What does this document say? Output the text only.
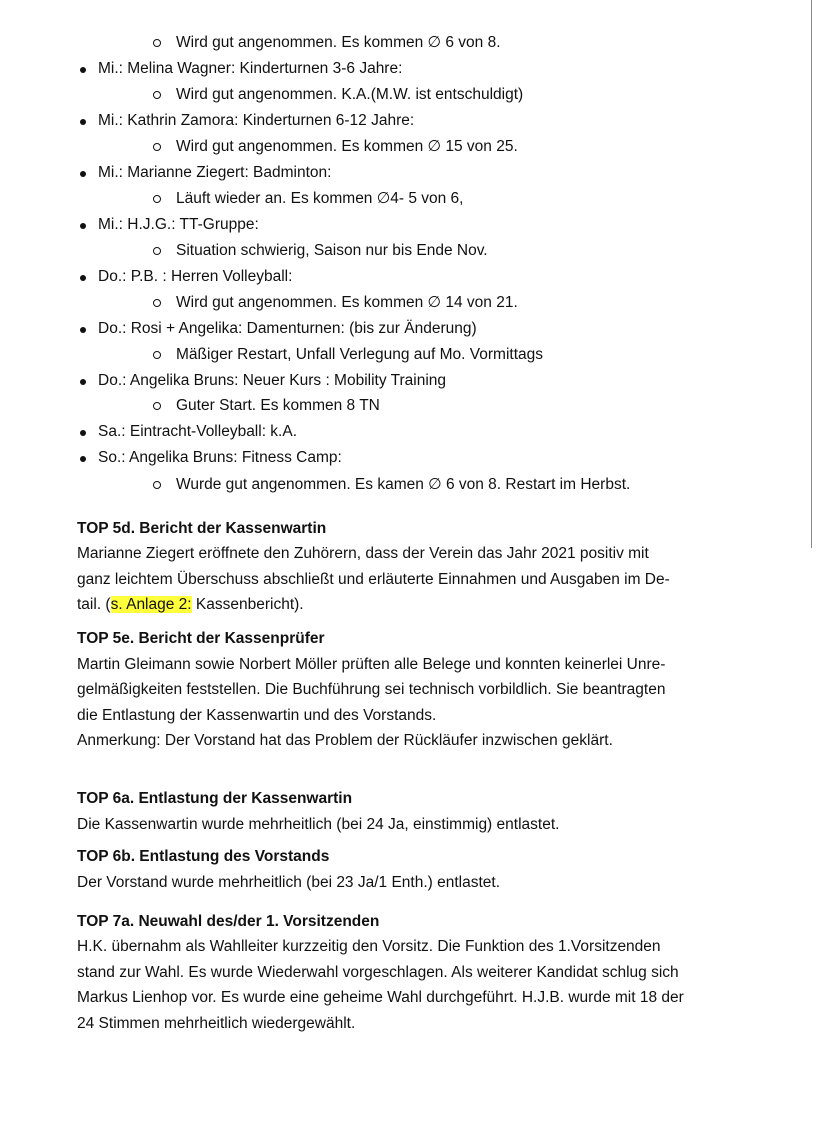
Wird gut angenommen. Es kommen ∅ 6 von 8.
Mi.: Melina Wagner: Kinderturnen 3-6 Jahre:
Wird gut angenommen. K.A.(M.W. ist entschuldigt)
Mi.: Kathrin Zamora: Kinderturnen 6-12 Jahre:
Wird gut angenommen. Es kommen ∅ 15 von 25.
Mi.: Marianne Ziegert: Badminton:
Läuft wieder an. Es kommen ∅4- 5 von 6,
Mi.: H.J.G.: TT-Gruppe:
Situation schwierig, Saison nur bis Ende Nov.
Do.: P.B. : Herren Volleyball:
Wird gut angenommen. Es kommen ∅ 14 von 21.
Do.: Rosi + Angelika: Damenturnen: (bis zur Änderung)
Mäßiger Restart, Unfall Verlegung auf Mo. Vormittags
Do.: Angelika Bruns: Neuer Kurs : Mobility Training
Guter Start. Es kommen 8 TN
Sa.: Eintracht-Volleyball: k.A.
So.: Angelika Bruns: Fitness Camp:
Wurde gut angenommen. Es kamen ∅ 6 von 8. Restart im Herbst.
TOP 5d. Bericht der Kassenwartin
Marianne Ziegert eröffnete den Zuhörern, dass der Verein das Jahr 2021 positiv mit
ganz leichtem Überschuss abschließt und erläuterte Einnahmen und Ausgaben im De-
tail. (s. Anlage 2: Kassenbericht).
TOP 5e. Bericht der Kassenprüfer
Martin Gleimann sowie Norbert Möller prüften alle Belege und konnten keinerlei Unre-
gelmäßigkeiten feststellen. Die Buchführung sei technisch vorbildlich. Sie beantragten
die Entlastung der Kassenwartin und des Vorstands.
Anmerkung: Der Vorstand hat das Problem der Rückläufer inzwischen geklärt.
TOP 6a. Entlastung der Kassenwartin
Die Kassenwartin wurde mehrheitlich (bei 24 Ja, einstimmig) entlastet.
TOP 6b. Entlastung des Vorstands
Der Vorstand wurde mehrheitlich (bei 23 Ja/1 Enth.) entlastet.
TOP 7a. Neuwahl des/der 1. Vorsitzenden
H.K. übernahm als Wahlleiter kurzzeitig den Vorsitz. Die Funktion des 1.Vorsitzenden
stand zur Wahl. Es wurde Wiederwahl vorgeschlagen. Als weiterer Kandidat schlug sich
Markus Lienhop vor. Es wurde eine geheime Wahl durchgeführt. H.J.B. wurde mit 18 der
24 Stimmen mehrheitlich wiedergewählt.
